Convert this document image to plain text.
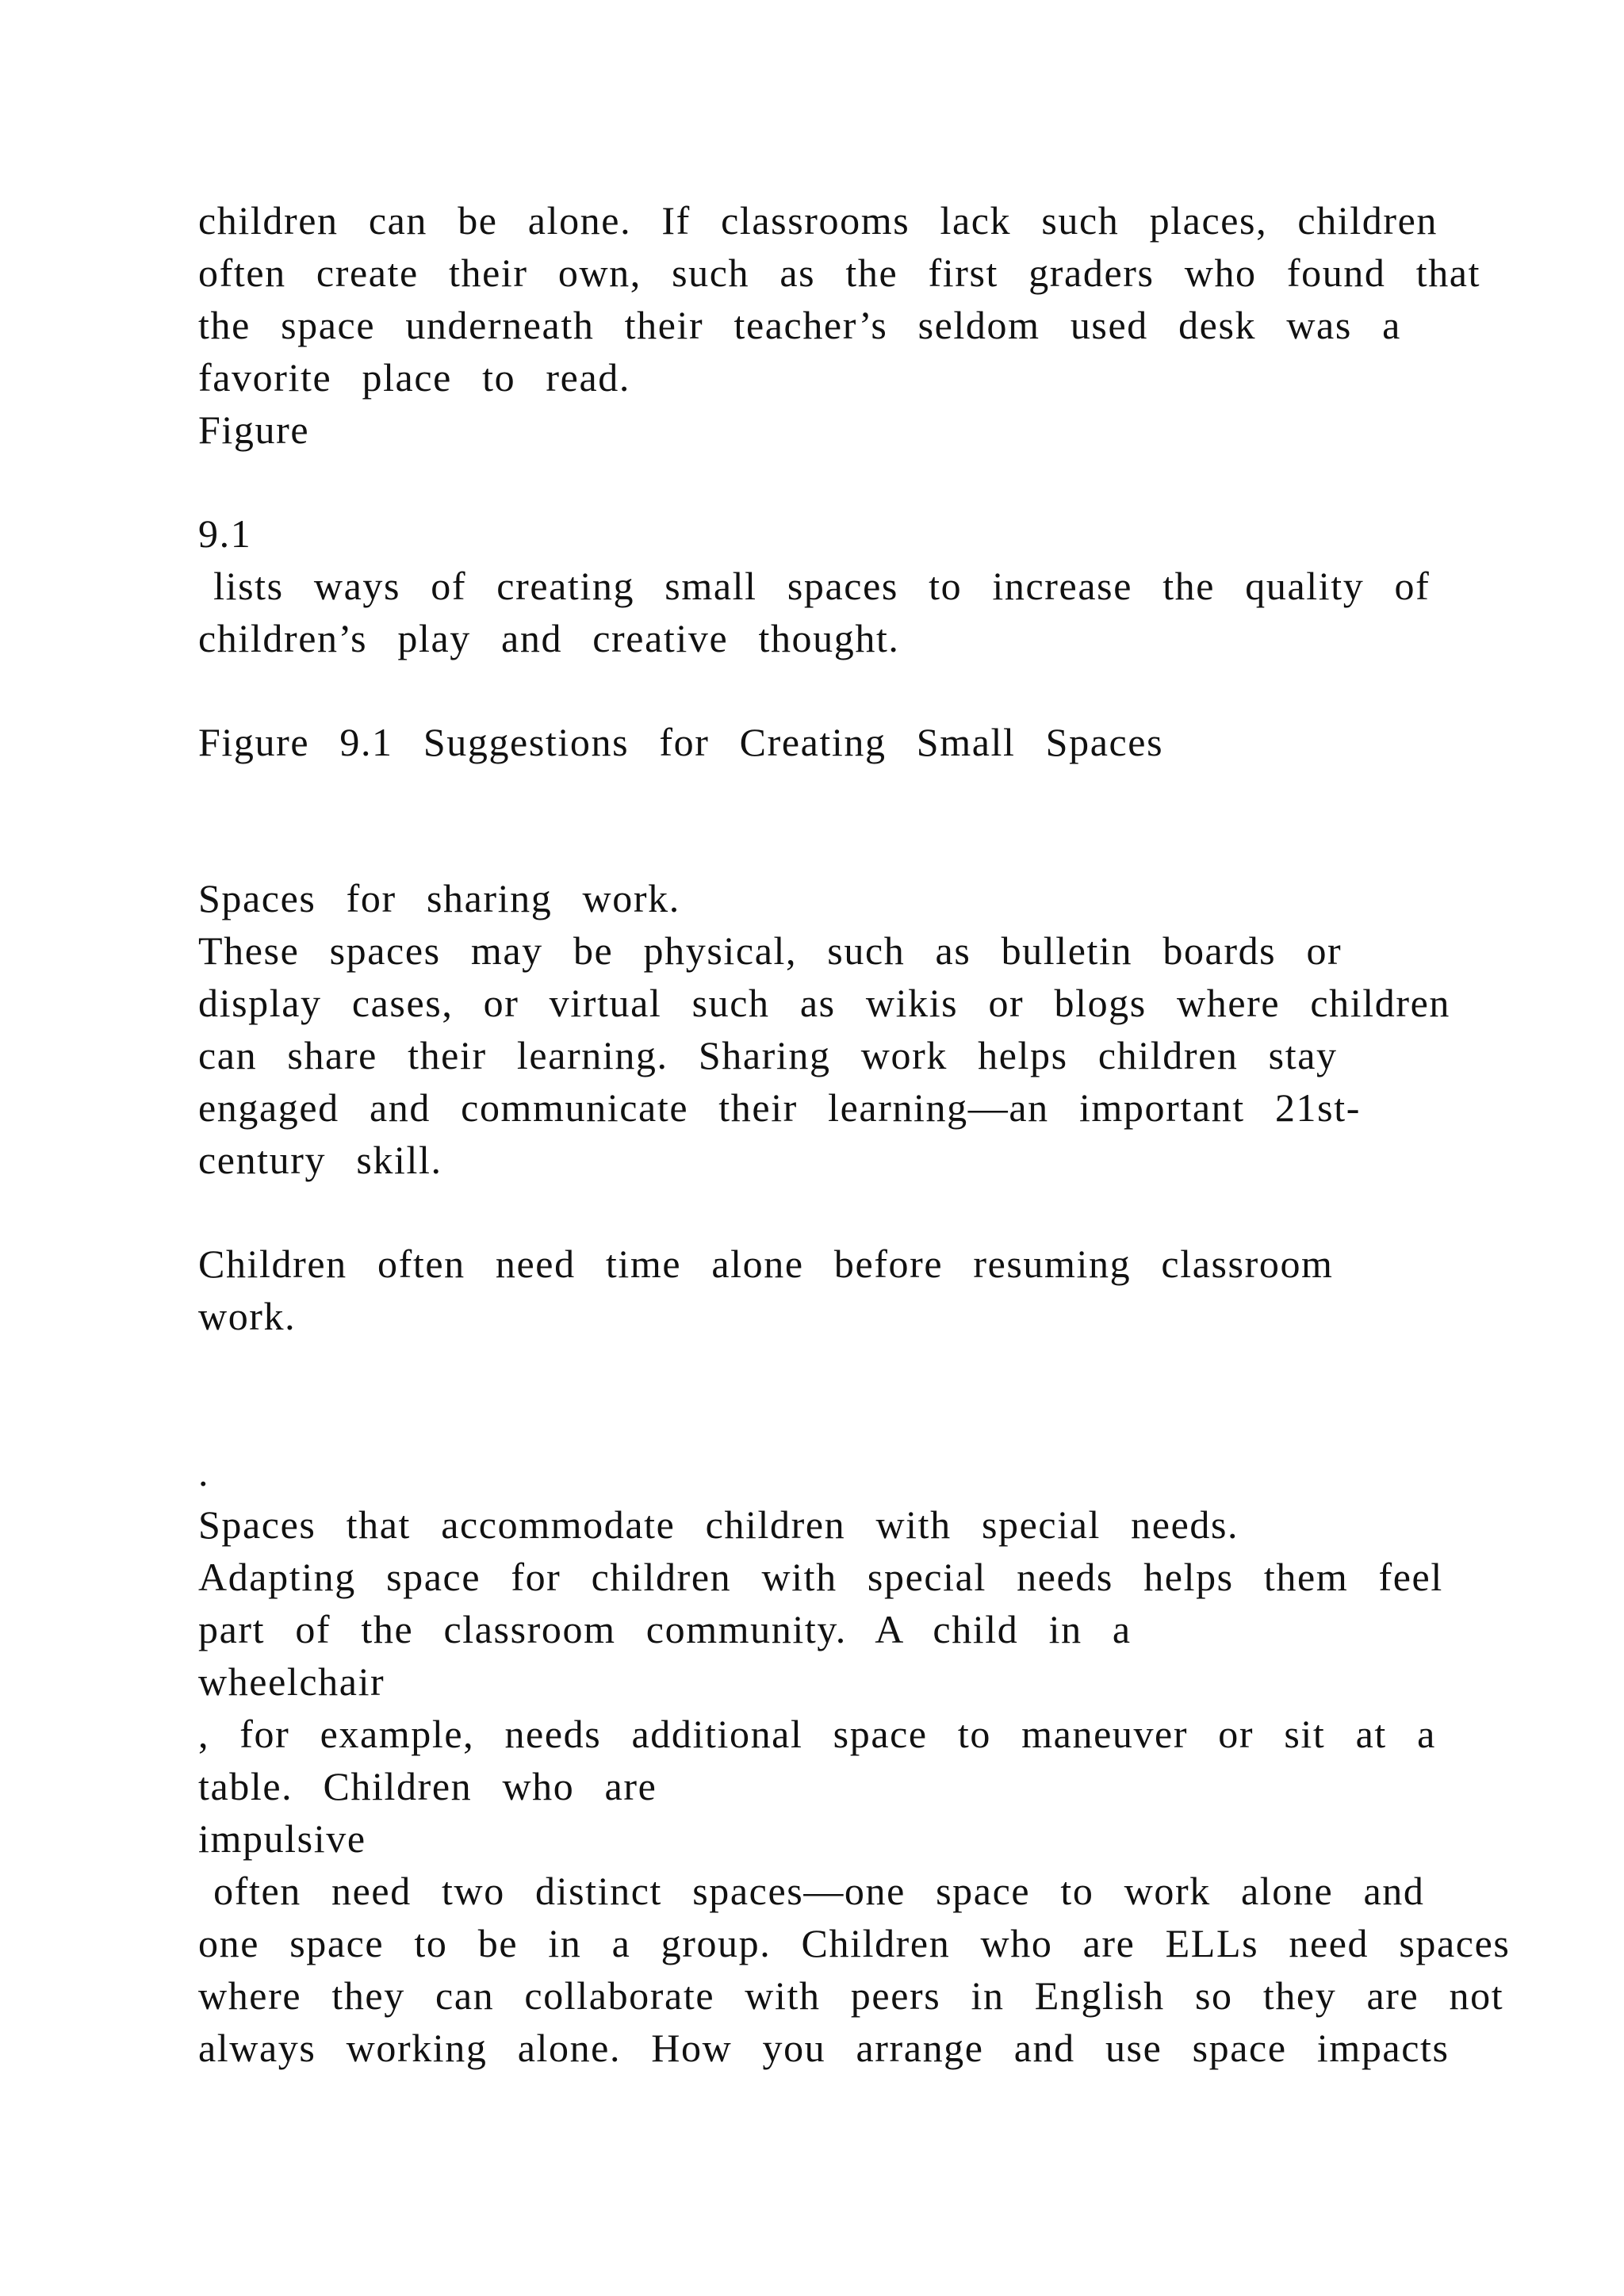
children  can  be  alone.  If  classrooms  lack  such  places,  children

often  create  their  own,  such  as  the  first  graders  who  found  that

the  space  underneath  their  teacher’s  seldom  used  desk  was  a

favorite  place  to  read.

Figure

9.1

lists  ways  of  creating  small  spaces  to  increase  the  quality  of

children’s  play  and  creative  thought.

Figure  9.1  Suggestions  for  Creating  Small  Spaces

Spaces  for  sharing  work.

These  spaces  may  be  physical,  such  as  bulletin  boards  or

display  cases,  or  virtual  such  as  wikis  or  blogs  where  children

can  share  their  learning.  Sharing  work  helps  children  stay

engaged  and  communicate  their  learning—an  important  21st-

century  skill.

Children  often  need  time  alone  before  resuming  classroom

work.

.

Spaces  that  accommodate  children  with  special  needs.

Adapting  space  for  children  with  special  needs  helps  them  feel

part  of  the  classroom  community.  A  child  in  a

wheelchair

,  for  example,  needs  additional  space  to  maneuver  or  sit  at  a

table.  Children  who  are

impulsive

often  need  two  distinct  spaces—one  space  to  work  alone  and

one  space  to  be  in  a  group.  Children  who  are  ELLs  need  spaces

where  they  can  collaborate  with  peers  in  English  so  they  are  not

always  working  alone.  How  you  arrange  and  use  space  impacts
